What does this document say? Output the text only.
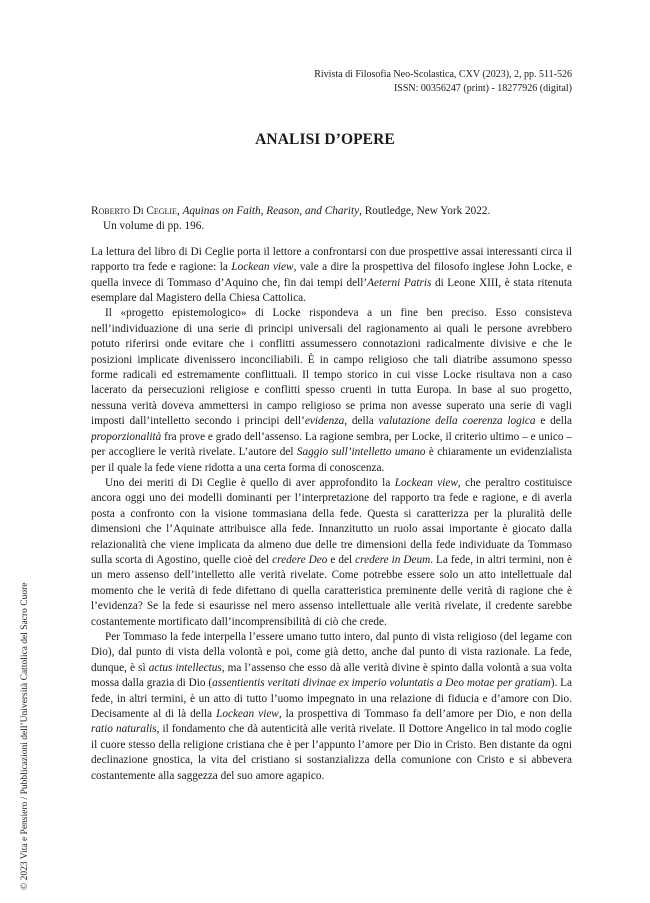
Rivista di Filosofia Neo-Scolastica, CXV (2023), 2, pp. 511-526
ISSN: 00356247 (print) - 18277926 (digital)
ANALISI D’OPERE

Roberto Di Ceglie, Aquinas on Faith, Reason, and Charity, Routledge, New York 2022.
Un volume di pp. 196.

La lettura del libro di Di Ceglie porta il lettore a confrontarsi con due prospettive assai interessanti circa il rapporto tra fede e ragione: la Lockean view, vale a dire la prospettiva del filosofo inglese John Locke, e quella invece di Tommaso d’Aquino che, fin dai tempi dell’Aeterni Patris di Leone XIII, è stata ritenuta esemplare dal Magistero della Chiesa Cattolica.

Il «progetto epistemologico» di Locke rispondeva a un fine ben preciso. Esso consisteva nell’individuazione di una serie di principi universali del ragionamento ai quali le persone avrebbero potuto riferirsi onde evitare che i conflitti assumessero connotazioni radicalmente divisive e che le posizioni implicate divenissero inconciliabili. È in campo religioso che tali diatribe assumono spesso forme radicali ed estremamente conflittuali. Il tempo storico in cui visse Locke risultava non a caso lacerato da persecuzioni religiose e conflitti spesso cruenti in tutta Europa. In base al suo progetto, nessuna verità doveva ammettersi in campo religioso se prima non avesse superato una serie di vagli imposti dall’intelletto secondo i principi dell’evidenza, della valutazione della coerenza logica e della proporzionalità fra prove e grado dell’assenso. La ragione sembra, per Locke, il criterio ultimo – e unico – per accogliere le verità rivelate. L’autore del Saggio sull’intelletto umano è chiaramente un evidenzialista per il quale la fede viene ridotta a una certa forma di conoscenza.

Uno dei meriti di Di Ceglie è quello di aver approfondito la Lockean view, che peraltro costituisce ancora oggi uno dei modelli dominanti per l’interpretazione del rapporto tra fede e ragione, e di averla posta a confronto con la visione tommasiana della fede. Questa si caratterizza per la pluralità delle dimensioni che l’Aquinate attribuisce alla fede. Innanzitutto un ruolo assai importante è giocato dalla relazionalità che viene implicata da almeno due delle tre dimensioni della fede individuate da Tommaso sulla scorta di Agostino, quelle cioè del credere Deo e del credere in Deum. La fede, in altri termini, non è un mero assenso dell’intelletto alle verità rivelate. Come potrebbe essere solo un atto intellettuale dal momento che le verità di fede difettano di quella caratteristica preminente delle verità di ragione che è l’evidenza? Se la fede si esaurisse nel mero assenso intellettuale alle verità rivelate, il credente sarebbe costantemente mortificato dall’incomprensibilità di ciò che crede.

Per Tommaso la fede interpella l’essere umano tutto intero, dal punto di vista religioso (del legame con Dio), dal punto di vista della volontà e poi, come già detto, anche dal punto di vista razionale. La fede, dunque, è sì actus intellectus, ma l’assenso che esso dà alle verità divine è spinto dalla volontà a sua volta mossa dalla grazia di Dio (assentientis veritati divinae ex imperio voluntatis a Deo motae per gratiam). La fede, in altri termini, è un atto di tutto l’uomo impegnato in una relazione di fiducia e d’amore con Dio. Decisamente al di là della Lockean view, la prospettiva di Tommaso fa dell’amore per Dio, e non della ratio naturalis, il fondamento che dà autenticità alle verità rivelate. Il Dottore Angelico in tal modo coglie il cuore stesso della religione cristiana che è per l’appunto l’amore per Dio in Cristo. Ben distante da ogni declinazione gnostica, la vita del cristiano si sostanzializza della comunione con Cristo e si abbevera costantemente alla saggezza del suo amore agapico.

© 2023 Vita e Pensiero / Pubblicazioni dell’Università Cattolica del Sacro Cuore
